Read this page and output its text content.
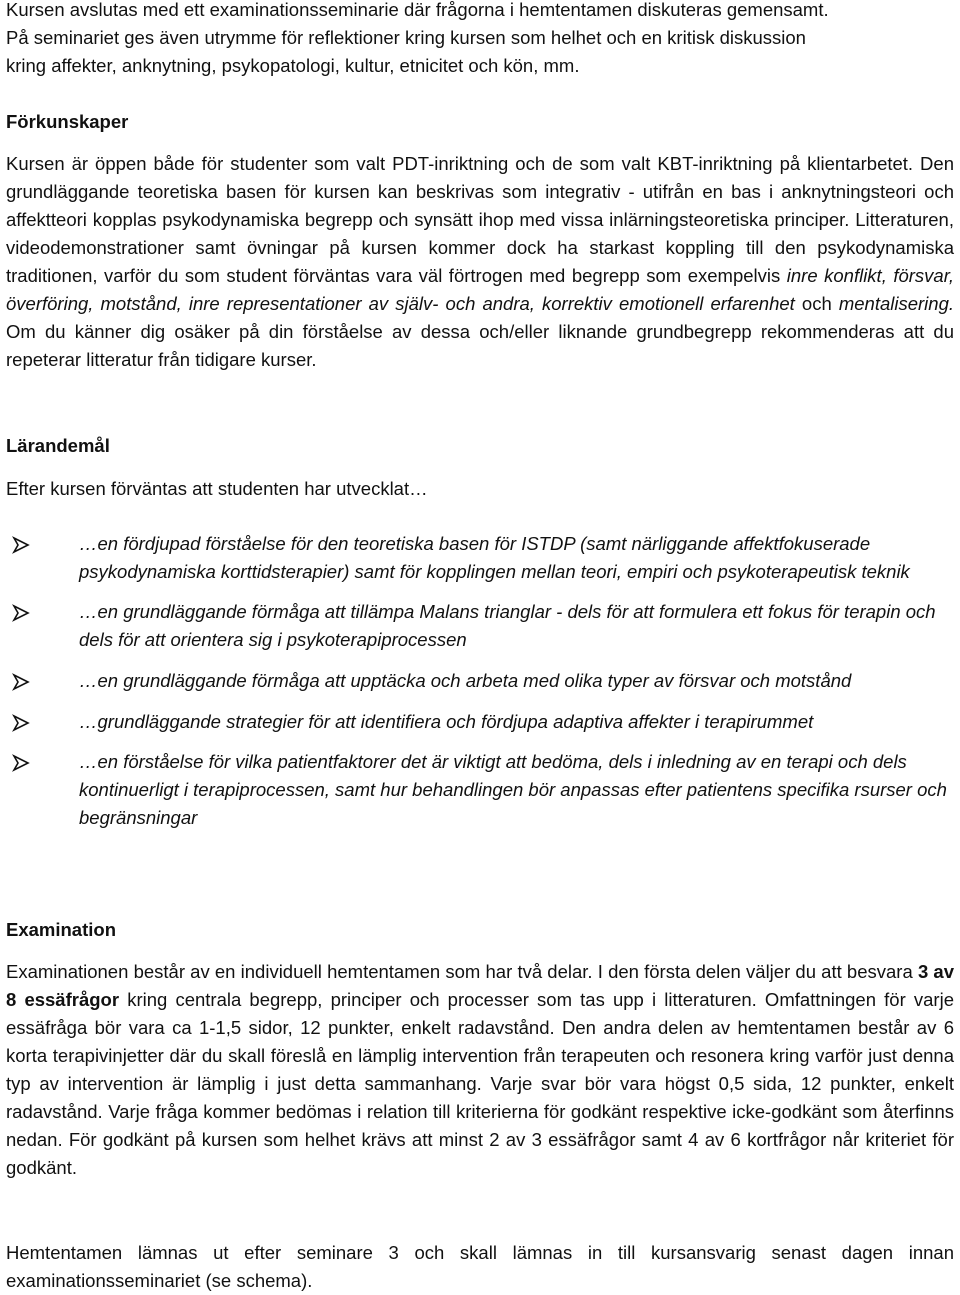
Kursen avslutas med ett examinationsseminarie där frågorna i hemtentamen diskuteras gemensamt.

På seminariet ges även utrymme för reflektioner kring kursen som helhet och en kritisk diskussion

kring affekter, anknytning, psykopatologi, kultur, etnicitet och kön, mm.

Förkunskaper

Kursen är öppen både för studenter som valt PDT-inriktning och de som valt KBT-inriktning på klientarbetet. Den grundläggande teoretiska basen för kursen kan beskrivas som integrativ - utifrån en bas i anknytningsteori och affektteori kopplas psykodynamiska begrepp och synsätt ihop med vissa inlärningsteoretiska principer. Litteraturen, videodemonstrationer samt övningar på kursen kommer dock ha starkast koppling till den psykodynamiska traditionen, varför du som student förväntas vara väl förtrogen med begrepp som exempelvis inre konflikt, försvar, överföring, motstånd, inre representationer av själv- och andra, korrektiv emotionell erfarenhet och mentalisering. Om du känner dig osäker på din förståelse av dessa och/eller liknande grundbegrepp rekommenderas att du repeterar litteratur från tidigare kurser.

Lärandemål

Efter kursen förväntas att studenten har utvecklat…

…en fördjupad förståelse för den teoretiska basen för ISTDP (samt närliggande affektfokuserade psykodynamiska korttidsterapier) samt för kopplingen mellan teori, empiri och psykoterapeutisk teknik
…en grundläggande förmåga att tillämpa Malans trianglar - dels för att formulera ett fokus för terapin och dels för att orientera sig i psykoterapiprocessen
…en grundläggande förmåga att upptäcka och arbeta med olika typer av försvar och motstånd
…grundläggande strategier för att identifiera och fördjupa adaptiva affekter i terapirummet
…en förståelse för vilka patientfaktorer det är viktigt att bedöma, dels i inledning av en terapi och dels kontinuerligt i terapiprocessen, samt hur behandlingen bör anpassas efter patientens specifika rsurser och begränsningar
Examination

Examinationen består av en individuell hemtentamen som har två delar. I den första delen väljer du att besvara 3 av 8 essäfrågor kring centrala begrepp, principer och processer som tas upp i litteraturen. Omfattningen för varje essäfråga bör vara ca 1-1,5 sidor, 12 punkter, enkelt radavstånd. Den andra delen av hemtentamen består av 6 korta terapivinjetter där du skall föreslå en lämplig intervention från terapeuten och resonera kring varför just denna typ av intervention är lämplig i just detta sammanhang. Varje svar bör vara högst 0,5 sida, 12 punkter, enkelt radavstånd. Varje fråga kommer bedömas i relation till kriterierna för godkänt respektive icke-godkänt som återfinns nedan. För godkänt på kursen som helhet krävs att minst 2 av 3 essäfrågor samt 4 av 6 kortfrågor når kriteriet för godkänt.

Hemtentamen lämnas ut efter seminare 3 och skall lämnas in till kursansvarig senast dagen innan examinationsseminariet (se schema).
